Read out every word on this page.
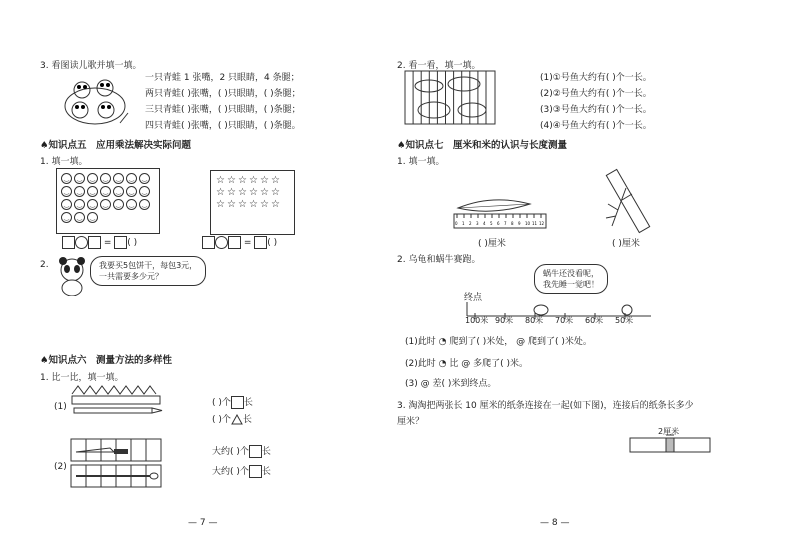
3. 看图读儿歌并填一填。
一只青蛙 1 张嘴，2 只眼睛，4 条腿；
两只青蛙( )张嘴，( )只眼睛，( )条腿；
三只青蛙( )张嘴，( )只眼睛，( )条腿；
四只青蛙( )张嘴，( )只眼睛，( )条腿。
♠知识点五　应用乘法解决实际问题
1. 填一填。
‿ ‿ ‿ ‿ ‿ ‿ ‿‿ ‿ ‿ ‿ ‿ ‿ ‿‿ ‿ ‿ ‿ ‿ ‿ ‿‿ ‿ ‿
☆ ☆ ☆ ☆ ☆ ☆☆ ☆ ☆ ☆ ☆ ☆☆ ☆ ☆ ☆ ☆ ☆
= ( )	= ( )
2.	我要买5包饼干，每包3元，
一共需要多少元？
♠知识点六　测量方法的多样性
1. 比一比，填一填。
(1)	( )个 长
( )个 长
(2)
大约( )个 长
大约( )个 长
— 7 —
2. 看一看，填一填。
(1)①号鱼大约有( )个一长。
(2)②号鱼大约有( )个一长。
(3)③号鱼大约有( )个一长。
(4)④号鱼大约有( )个一长。
♠知识点七　厘米和米的认识与长度测量
1. 填一填。
0 1 2 3 4 5 6 7 8 9 10 11 12
( )厘米	( )厘米
2. 乌龟和蜗牛赛跑。
蜗牛还没看呢，
我先睡一觉吧！
终点
100米 90米 80米 70米 60米 50米
(1)此时 ◔ 爬到了( )米处， @ 爬到了( )米处。
(2)此时 ◔ 比 @ 多爬了( )米。
(3) @ 差( )米到终点。
3. 淘淘把两张长 10 厘米的纸条连接在一起(如下图)，连接后的纸条长多少
厘米？
2厘米
— 8 —
